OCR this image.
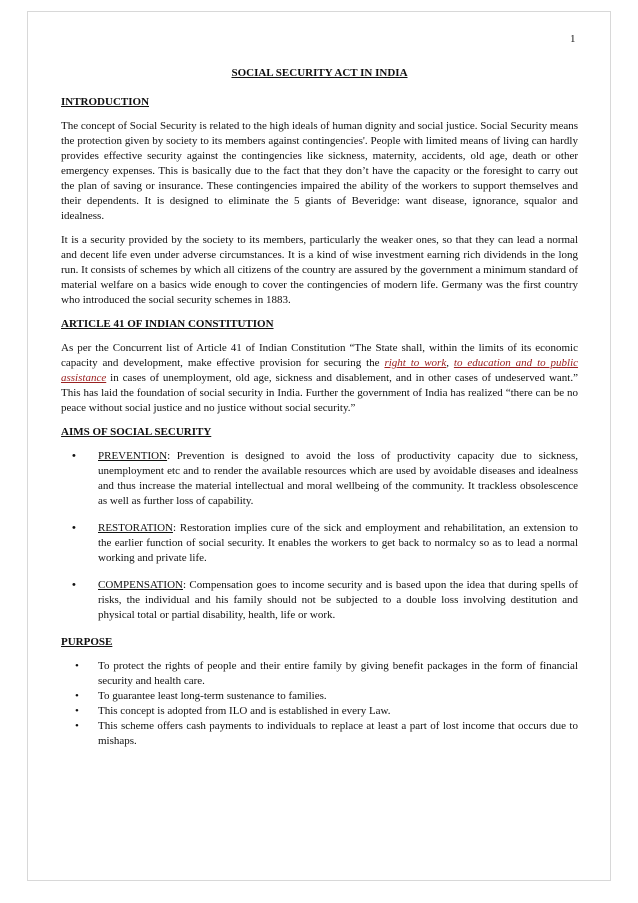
1

SOCIAL SECURITY ACT IN INDIA

INTRODUCTION

The concept of Social Security is related to the high ideals of human dignity and social justice. Social Security means the protection given by society to its members against contingencies'. People with limited means of living can hardly provides effective security against the contingencies like sickness, maternity, accidents, old age, death or other emergency expenses. This is basically due to the fact that they don’t have the capacity or the foresight to carry out the plan of saving or insurance. These contingencies impaired the ability of the workers to support themselves and their dependents. It is designed to eliminate the 5 giants of Beveridge: want disease, ignorance, squalor and idealness.

It is a security provided by the society to its members, particularly the weaker ones, so that they can lead a normal and decent life even under adverse circumstances. It is a kind of wise investment earning rich dividends in the long run. It consists of schemes by which all citizens of the country are assured by the government a minimum standard of material welfare on a basics wide enough to cover the contingencies of modern life. Germany was the first country who introduced the social security schemes in 1883.

ARTICLE 41 OF INDIAN CONSTITUTION

As per the Concurrent list of Article 41 of Indian Constitution “The State shall, within the limits of its economic capacity and development, make effective provision for securing the right to work, to education and to public assistance in cases of unemployment, old age, sickness and disablement, and in other cases of undeserved want.” This has laid the foundation of social security in India. Further the government of India has realized “there can be no peace without social justice and no justice without social security.”

AIMS OF SOCIAL SECURITY

• PREVENTION: Prevention is designed to avoid the loss of productivity capacity due to sickness, unemployment etc and to render the available resources which are used by avoidable diseases and idealness and thus increase the material intellectual and moral wellbeing of the community. It trackless obsolescence as well as further loss of capability.
• RESTORATION: Restoration implies cure of the sick and employment and rehabilitation, an extension to the earlier function of social security. It enables the workers to get back to normalcy so as to lead a normal working and private life.
• COMPENSATION: Compensation goes to income security and is based upon the idea that during spells of risks, the individual and his family should not be subjected to a double loss involving destitution and physical total or partial disability, health, life or work.

PURPOSE

• To protect the rights of people and their entire family by giving benefit packages in the form of financial security and health care.
• To guarantee least long-term sustenance to families.
• This concept is adopted from ILO and is established in every Law.
• This scheme offers cash payments to individuals to replace at least a part of lost income that occurs due to mishaps.
